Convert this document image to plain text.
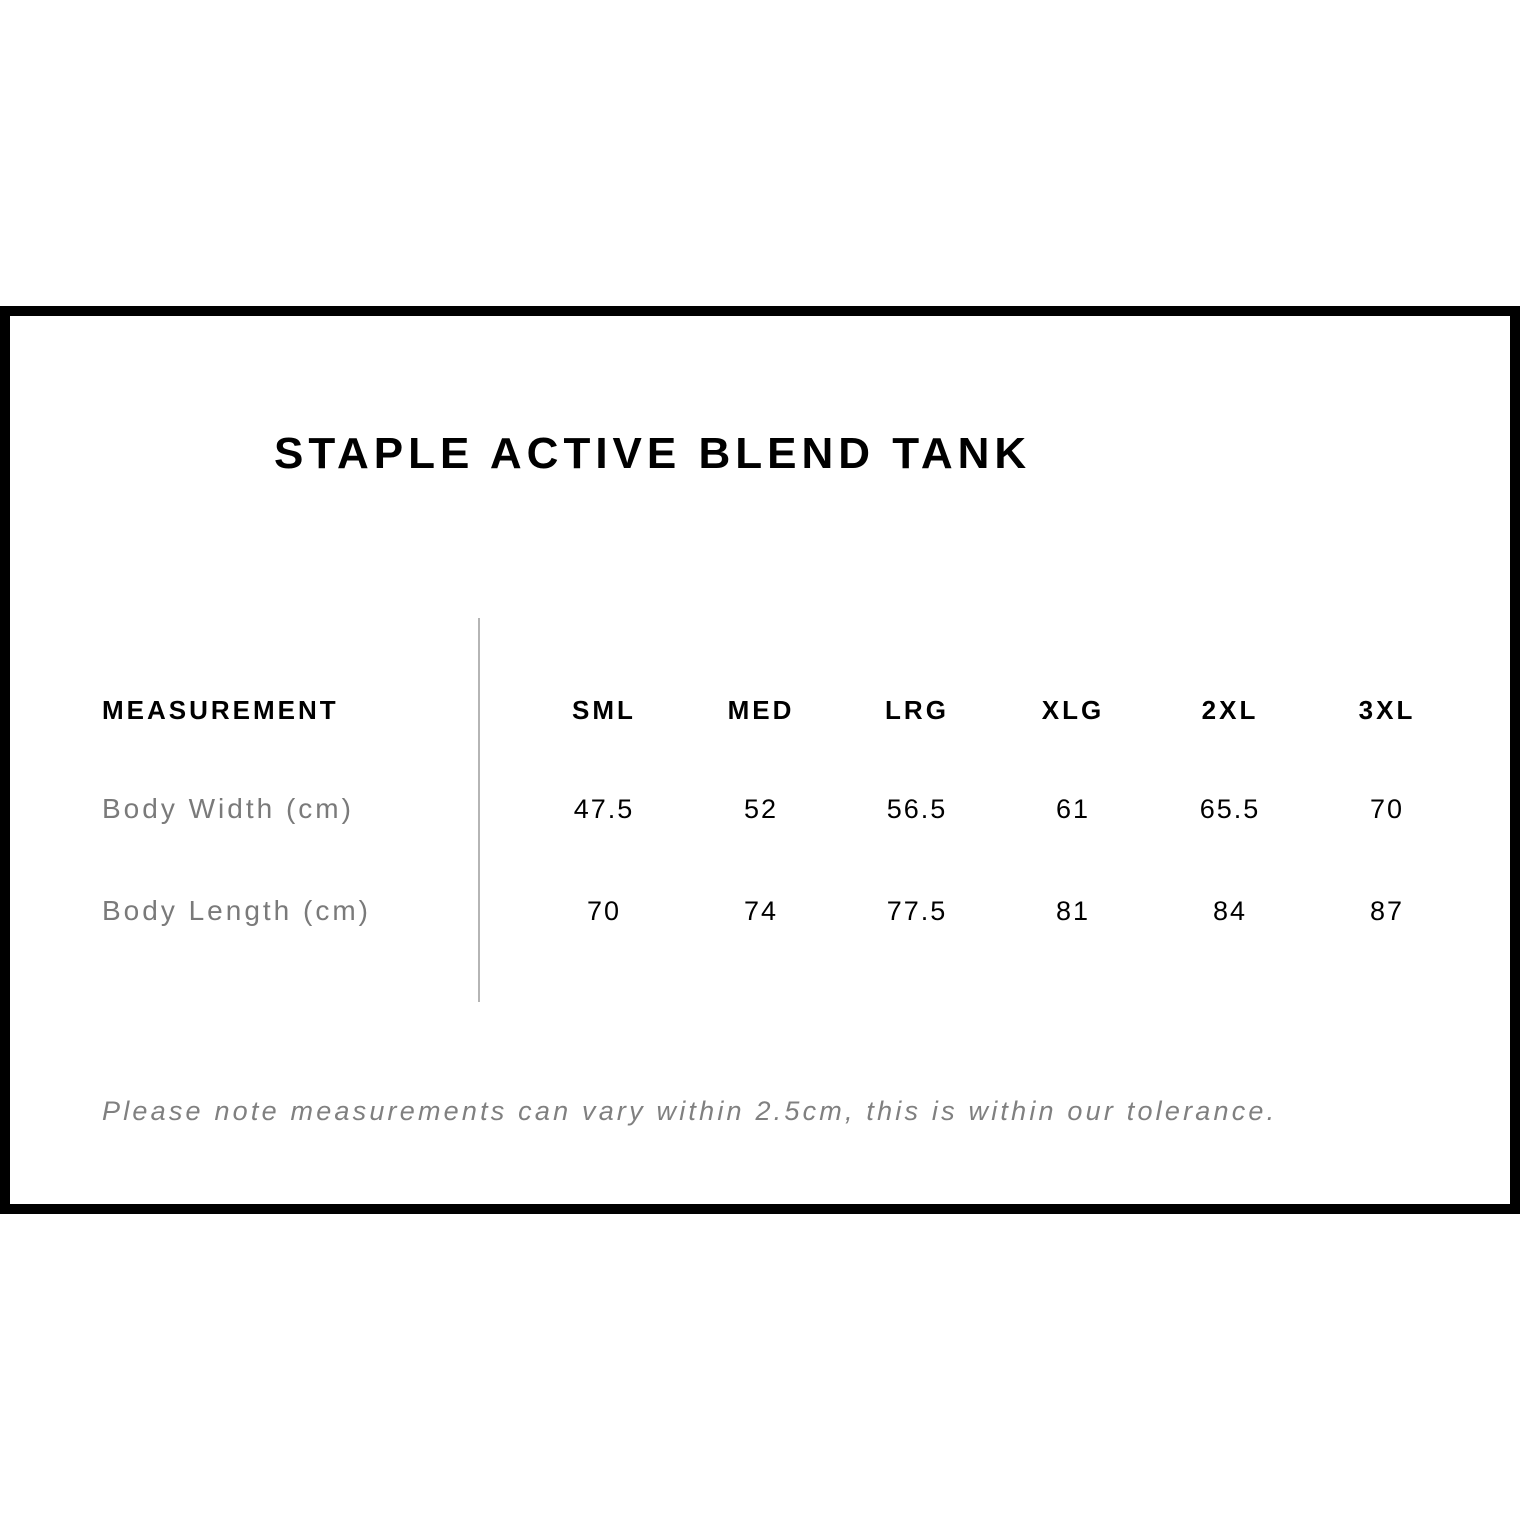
STAPLE ACTIVE BLEND TANK
MEASUREMENT	SML	MED	LRG	XLG	2XL	3XL
Body Width (cm)	47.5	52	56.5	61	65.5	70
Body Length (cm)	70	74	77.5	81	84	87
Please note measurements can vary within 2.5cm, this is within our tolerance.
